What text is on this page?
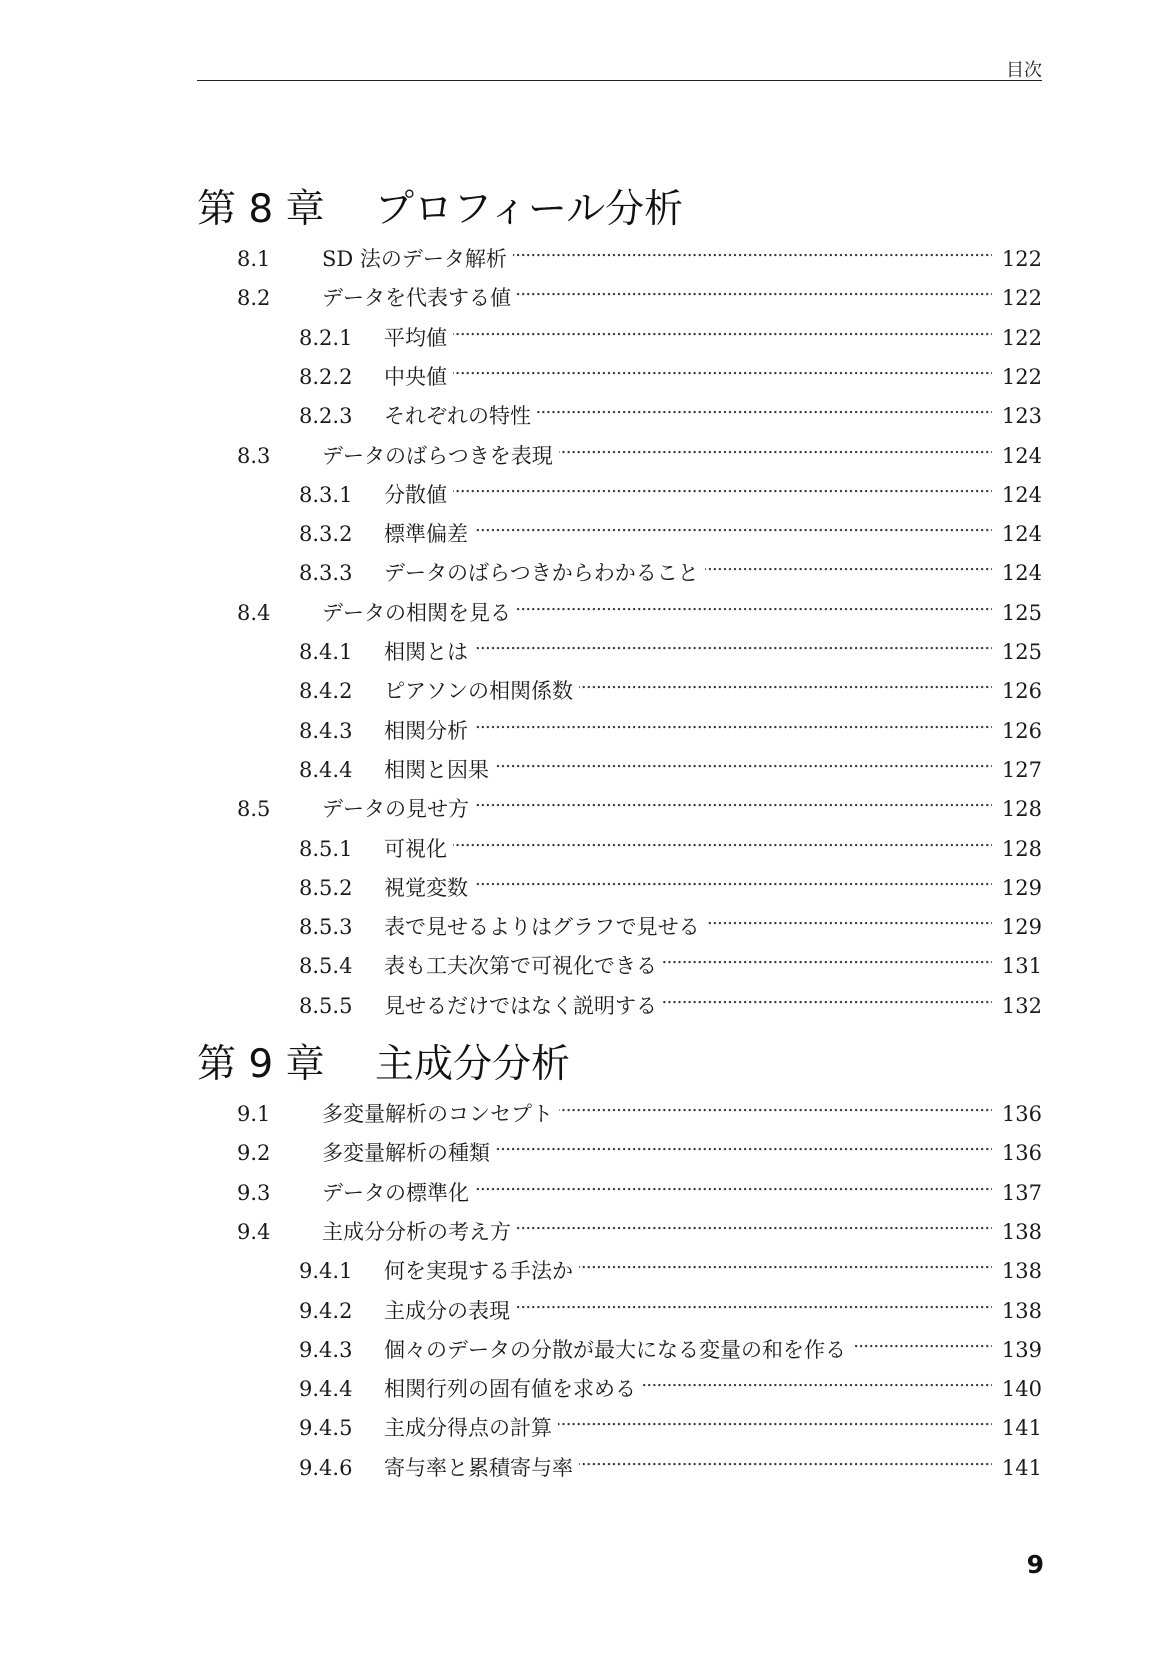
目次
第 8 章 プロフィール分析
8.1	SD 法のデータ解析 . . .	122
8.2	データを代表する値 . . .	122
8.2.1	平均値 . . .	122
8.2.2	中央値 . . .	122
8.2.3	それぞれの特性 . . .	123
8.3	データのばらつきを表現 . . .	124
8.3.1	分散値 . . .	124
8.3.2	標準偏差 . . .	124
8.3.3	データのばらつきからわかること . . .	124
8.4	データの相関を見る . . .	125
8.4.1	相関とは . . .	125
8.4.2	ピアソンの相関係数 . . .	126
8.4.3	相関分析 . . .	126
8.4.4	相関と因果 . . .	127
8.5	データの見せ方 . . .	128
8.5.1	可視化 . . .	128
8.5.2	視覚変数 . . .	129
8.5.3	表で見せるよりはグラフで見せる . . .	129
8.5.4	表も工夫次第で可視化できる . . .	131
8.5.5	見せるだけではなく説明する . . .	132
第 9 章 主成分分析
9.1	多変量解析のコンセプト . . .	136
9.2	多変量解析の種類 . . .	136
9.3	データの標準化 . . .	137
9.4	主成分分析の考え方 . . .	138
9.4.1	何を実現する手法か . . .	138
9.4.2	主成分の表現 . . .	138
9.4.3	個々のデータの分散が最大になる変量の和を作る . . .	139
9.4.4	相関行列の固有値を求める . . .	140
9.4.5	主成分得点の計算 . . .	141
9.4.6	寄与率と累積寄与率 . . .	141
9
